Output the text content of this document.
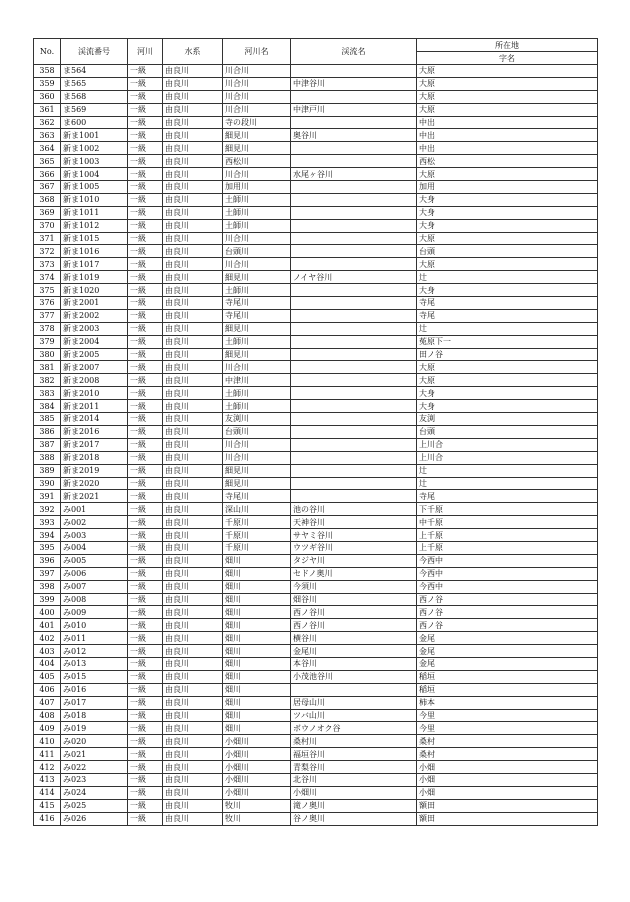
No.	渓流番号	河川	水系	河川名	渓流名	所在地
						字名
358	ま564	一級	由良川	川合川		大原
359	ま565	一級	由良川	川合川	中津谷川	大原
360	ま568	一級	由良川	川合川		大原
361	ま569	一級	由良川	川合川	中津戸川	大原
362	ま600	一級	由良川	寺の段川		中出
363	新ま1001	一級	由良川	細見川	奥谷川	中出
364	新ま1002	一級	由良川	細見川		中出
365	新ま1003	一級	由良川	西松川		西松
366	新ま1004	一級	由良川	川合川	水尾ヶ谷川	大原
367	新ま1005	一級	由良川	加用川		加用
368	新ま1010	一級	由良川	土師川		大身
369	新ま1011	一級	由良川	土師川		大身
370	新ま1012	一級	由良川	土師川		大身
371	新ま1015	一級	由良川	川合川		大原
372	新ま1016	一級	由良川	台頭川		台頭
373	新ま1017	一級	由良川	川合川		大原
374	新ま1019	一級	由良川	細見川	ノイヤ谷川	辻
375	新ま1020	一級	由良川	土師川		大身
376	新ま2001	一級	由良川	寺尾川		寺尾
377	新ま2002	一級	由良川	寺尾川		寺尾
378	新ま2003	一級	由良川	細見川		辻
379	新ま2004	一級	由良川	土師川		菟原下一
380	新ま2005	一級	由良川	細見川		田ノ谷
381	新ま2007	一級	由良川	川合川		大原
382	新ま2008	一級	由良川	中津川		大原
383	新ま2010	一級	由良川	土師川		大身
384	新ま2011	一級	由良川	土師川		大身
385	新ま2014	一級	由良川	友渕川		友渕
386	新ま2016	一級	由良川	台頭川		台頭
387	新ま2017	一級	由良川	川合川		上川合
388	新ま2018	一級	由良川	川合川		上川合
389	新ま2019	一級	由良川	細見川		辻
390	新ま2020	一級	由良川	細見川		辻
391	新ま2021	一級	由良川	寺尾川		寺尾
392	み001	一級	由良川	深山川	池の谷川	下千原
393	み002	一級	由良川	千原川	天神谷川	中千原
394	み003	一級	由良川	千原川	サヤミ谷川	上千原
395	み004	一級	由良川	千原川	ウツギ谷川	上千原
396	み005	一級	由良川	畑川	タジヤ川	今西中
397	み006	一級	由良川	畑川	セドノ奥川	今西中
398	み007	一級	由良川	畑川	今須川	今西中
399	み008	一級	由良川	畑川	畑谷川	西ノ谷
400	み009	一級	由良川	畑川	西ノ谷川	西ノ谷
401	み010	一級	由良川	畑川	西ノ谷川	西ノ谷
402	み011	一級	由良川	畑川	横谷川	金尾
403	み012	一級	由良川	畑川	金尾川	金尾
404	み013	一級	由良川	畑川	本谷川	金尾
405	み015	一級	由良川	畑川	小茂池谷川	稲垣
406	み016	一級	由良川	畑川		稲垣
407	み017	一級	由良川	畑川	居母山川	柿本
408	み018	一級	由良川	畑川	ツバ山川	今里
409	み019	一級	由良川	畑川	ボウノオク谷	今里
410	み020	一級	由良川	小畑川	桑村川	桑村
411	み021	一級	由良川	小畑川	福垣谷川	桑村
412	み022	一級	由良川	小畑川	青梨谷川	小畑
413	み023	一級	由良川	小畑川	北谷川	小畑
414	み024	一級	由良川	小畑川	小畑川	小畑
415	み025	一級	由良川	牧川	滝ノ奥川	額田
416	み026	一級	由良川	牧川	谷ノ奥川	額田
